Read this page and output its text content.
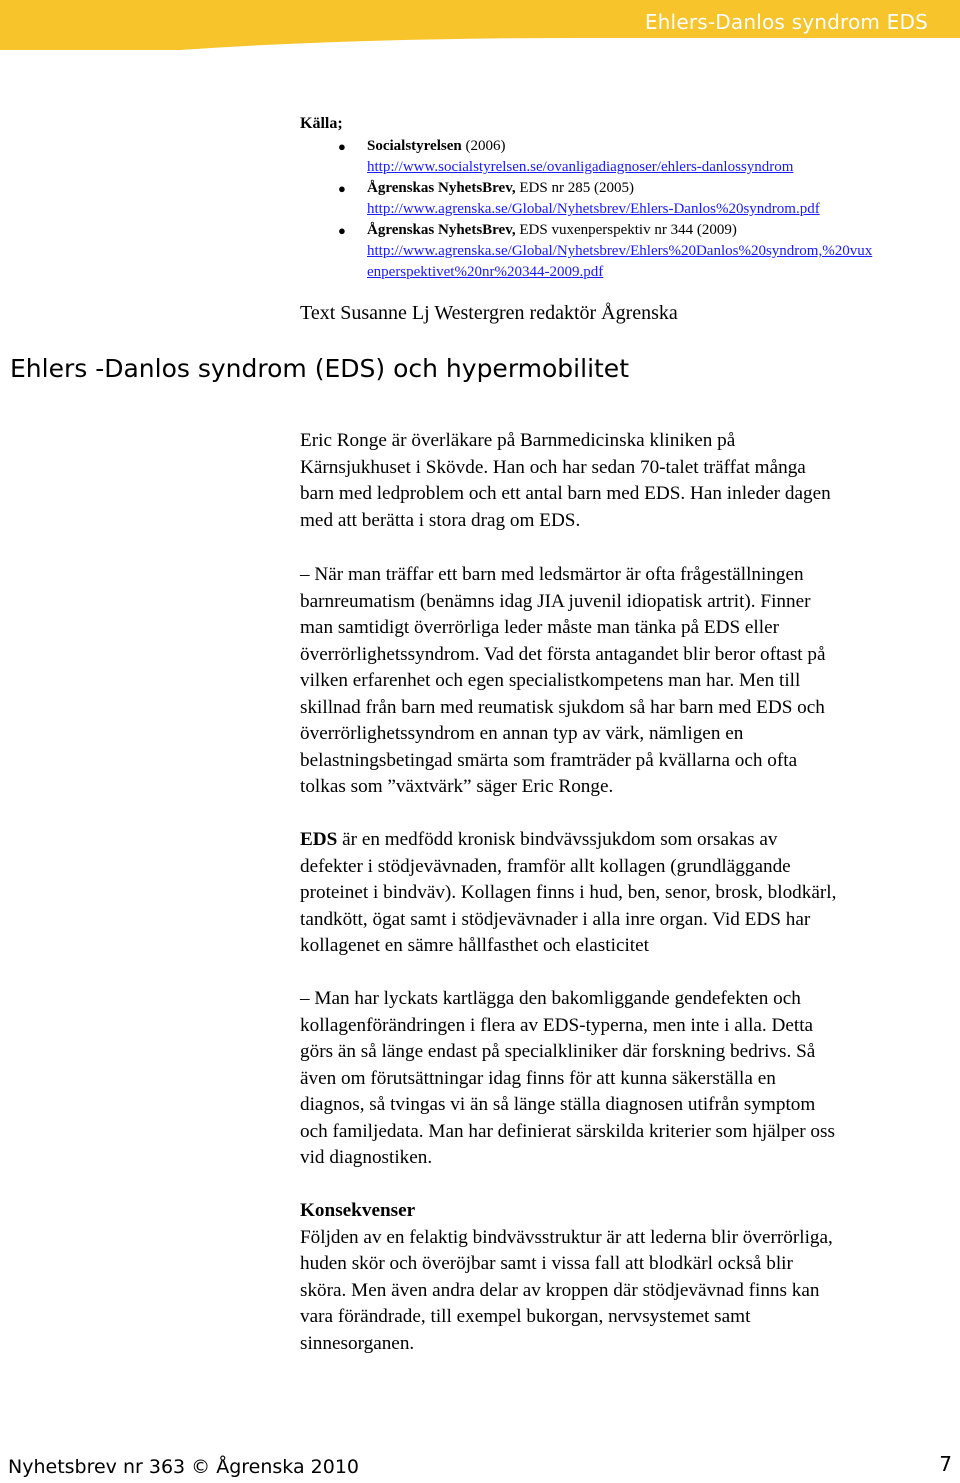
Ehlers-Danlos syndrom EDS
Källa;
● Socialstyrelsen (2006)
http://www.socialstyrelsen.se/ovanligadiagnoser/ehlers-danlossyndrom
● Ågrenskas NyhetsBrev, EDS nr 285 (2005)
http://www.agrenska.se/Global/Nyhetsbrev/Ehlers-Danlos%20syndrom.pdf
● Ågrenskas NyhetsBrev, EDS vuxenperspektiv nr 344 (2009)
http://www.agrenska.se/Global/Nyhetsbrev/Ehlers%20Danlos%20syndrom,%20vux
enperspektivet%20nr%20344-2009.pdf
Text Susanne Lj Westergren redaktör Ågrenska
Ehlers -Danlos syndrom (EDS) och hypermobilitet

Eric Ronge är överläkare på Barnmedicinska kliniken på
Kärnsjukhuset i Skövde. Han och har sedan 70-talet träffat många
barn med ledproblem och ett antal barn med EDS. Han inleder dagen
med att berätta i stora drag om EDS.

– När man träffar ett barn med ledsmärtor är ofta frågeställningen
barnreumatism (benämns idag JIA juvenil idiopatisk artrit). Finner
man samtidigt överrörliga leder måste man tänka på EDS eller
överrörlighetssyndrom. Vad det första antagandet blir beror oftast på
vilken erfarenhet och egen specialistkompetens man har. Men till
skillnad från barn med reumatisk sjukdom så har barn med EDS och
överrörlighetssyndrom en annan typ av värk, nämligen en
belastningsbetingad smärta som framträder på kvällarna och ofta
tolkas som ”växtvärk” säger Eric Ronge.

EDS är en medfödd kronisk bindvävssjukdom som orsakas av
defekter i stödjevävnaden, framför allt kollagen (grundläggande
proteinet i bindväv). Kollagen finns i hud, ben, senor, brosk, blodkärl,
tandkött, ögat samt i stödjevävnader i alla inre organ. Vid EDS har
kollagenet en sämre hållfasthet och elasticitet

– Man har lyckats kartlägga den bakomliggande gendefekten och
kollagenförändringen i flera av EDS-typerna, men inte i alla. Detta
görs än så länge endast på specialkliniker där forskning bedrivs. Så
även om förutsättningar idag finns för att kunna säkerställa en
diagnos, så tvingas vi än så länge ställa diagnosen utifrån symptom
och familjedata. Man har definierat särskilda kriterier som hjälper oss
vid diagnostiken.

Konsekvenser
Följden av en felaktig bindvävsstruktur är att lederna blir överrörliga,
huden skör och överöjbar samt i vissa fall att blodkärl också blir
sköra. Men även andra delar av kroppen där stödjevävnad finns kan
vara förändrade, till exempel bukorgan, nervsystemet samt
sinnesorganen.

Nyhetsbrev nr 363 © Ågrenska 2010	7
